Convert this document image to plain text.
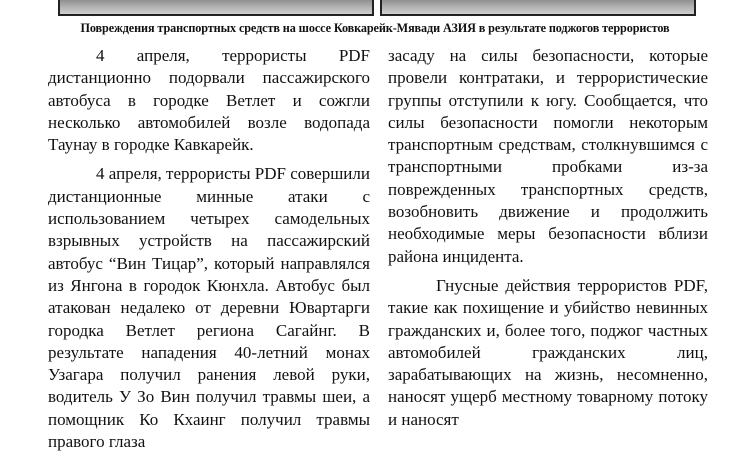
Повреждения транспортных средств на шоссе Ковкарейк-Мявади АЗИЯ в результате поджогов террористов

4 апреля, террористы PDF дистанционно подорвали пассажирского автобуса в городке Ветлет и сожгли несколько автомобилей возле водопада Таунау в городке Кавкарейк.

4 апреля, террористы PDF совершили дистанционные минные атаки с использованием четырех самодельных взрывных устройств на пассажирский автобус “Вин Тицар”, который направлялся из Янгона в городок Кюнхла. Автобус был атакован недалеко от деревни Ювартарги городка Ветлет региона Сагайнг. В результате нападения 40-летний монах Узагара получил ранения левой руки, водитель У Зо Вин получил травмы шеи, а помощник Ко Кхаинг получил травмы правого глаза

засаду на силы безопасности, которые провели контратаки, и террористические группы отступили к югу. Сообщается, что силы безопасности помогли некоторым транспортным средствам, столкнувшимся с транспортными пробками из-за поврежденных транспортных средств, возобновить движение и продолжить необходимые меры безопасности вблизи района инцидента.

Гнусные действия террористов PDF, такие как похищение и убийство невинных гражданских и, более того, поджог частных автомобилей гражданских лиц, зарабатывающих на жизнь, несомненно, наносят ущерб местному товарному потоку и наносят
